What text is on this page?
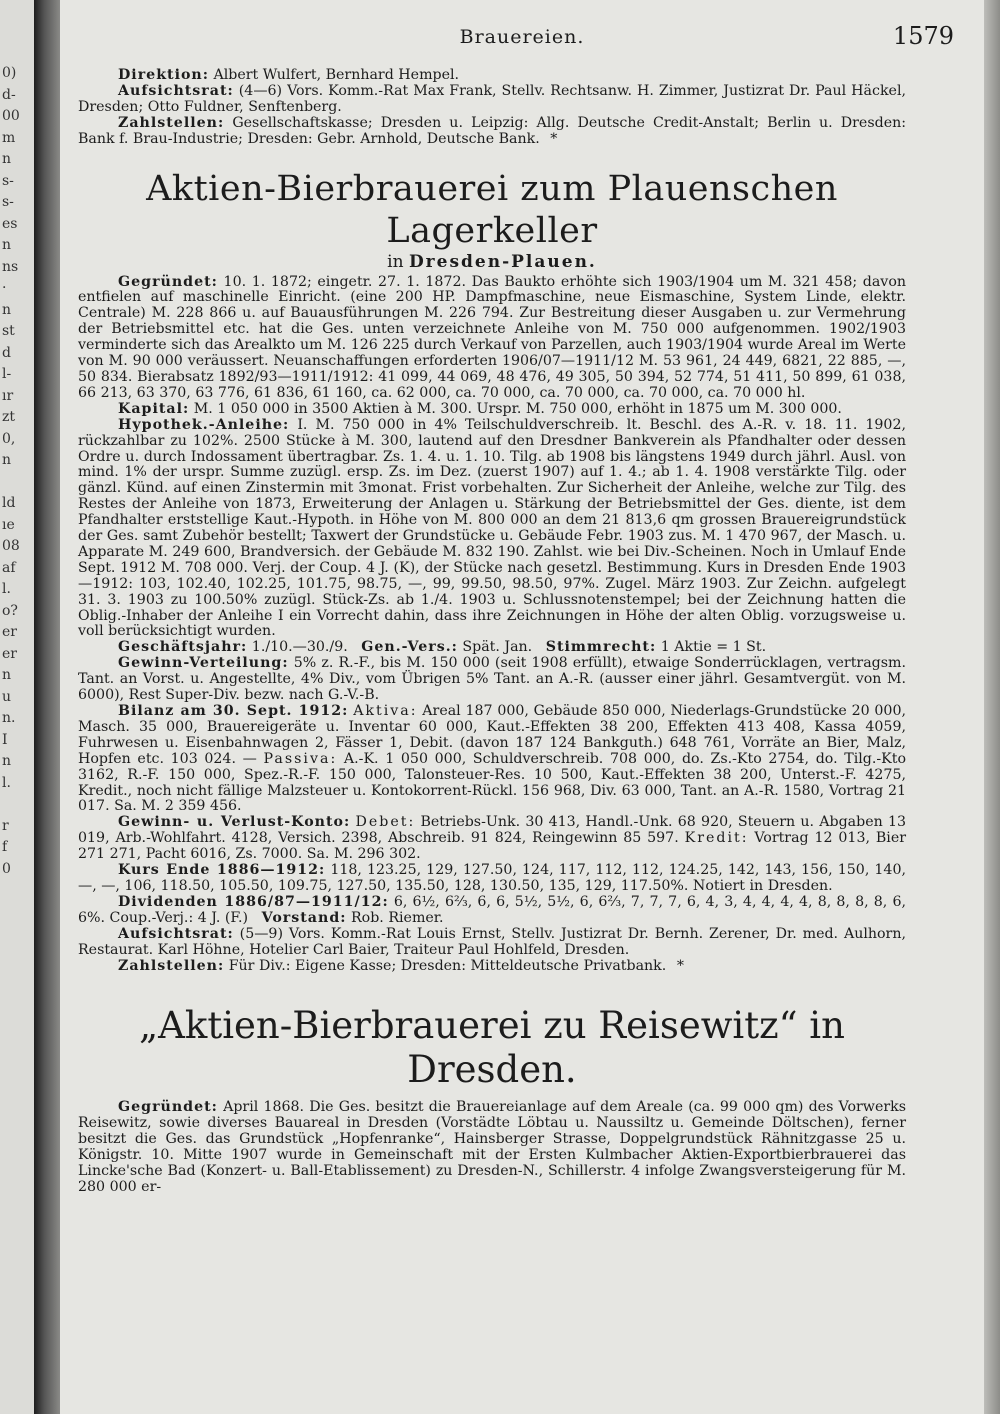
0)
d-
00
m
n
s-
s-
es
n
ns
·
n
st
d
l-
ır
zt
0,
n
ld
ıe
08
af
l.
o?
er
er
n
u
n.
I
n
l.
r
f
0
Brauereien.	1579

Direktion: Albert Wulfert, Bernhard Hempel.

Aufsichtsrat: (4—6) Vors. Komm.-Rat Max Frank, Stellv. Rechtsanw. H. Zimmer, Justizrat Dr. Paul Häckel, Dresden; Otto Fuldner, Senftenberg.

Zahlstellen: Gesellschaftskasse; Dresden u. Leipzig: Allg. Deutsche Credit-Anstalt; Berlin u. Dresden: Bank f. Brau-Industrie; Dresden: Gebr. Arnhold, Deutsche Bank. *

Aktien-Bierbrauerei zum Plauenschen Lagerkeller
in Dresden-Plauen.

Gegründet: 10. 1. 1872; eingetr. 27. 1. 1872. Das Baukto erhöhte sich 1903/1904 um M. 321 458; davon entfielen auf maschinelle Einricht. (eine 200 HP. Dampfmaschine, neue Eismaschine, System Linde, elektr. Centrale) M. 228 866 u. auf Bauausführungen M. 226 794. Zur Bestreitung dieser Ausgaben u. zur Vermehrung der Betriebsmittel etc. hat die Ges. unten verzeichnete Anleihe von M. 750 000 aufgenommen. 1902/1903 verminderte sich das Arealkto um M. 126 225 durch Verkauf von Parzellen, auch 1903/1904 wurde Areal im Werte von M. 90 000 veräussert. Neuanschaffungen erforderten 1906/07—1911/12 M. 53 961, 24 449, 6821, 22 885, —, 50 834. Bierabsatz 1892/93—1911/1912: 41 099, 44 069, 48 476, 49 305, 50 394, 52 774, 51 411, 50 899, 61 038, 66 213, 63 370, 63 776, 61 836, 61 160, ca. 62 000, ca. 70 000, ca. 70 000, ca. 70 000, ca. 70 000 hl.

Kapital: M. 1 050 000 in 3500 Aktien à M. 300. Urspr. M. 750 000, erhöht in 1875 um M. 300 000.

Hypothek.-Anleihe: I. M. 750 000 in 4% Teilschuldverschreib. lt. Beschl. des A.-R. v. 18. 11. 1902, rückzahlbar zu 102%. 2500 Stücke à M. 300, lautend auf den Dresdner Bankverein als Pfandhalter oder dessen Ordre u. durch Indossament übertragbar. Zs. 1. 4. u. 1. 10. Tilg. ab 1908 bis längstens 1949 durch jährl. Ausl. von mind. 1% der urspr. Summe zuzügl. ersp. Zs. im Dez. (zuerst 1907) auf 1. 4.; ab 1. 4. 1908 verstärkte Tilg. oder gänzl. Künd. auf einen Zinstermin mit 3monat. Frist vorbehalten. Zur Sicherheit der Anleihe, welche zur Tilg. des Restes der Anleihe von 1873, Erweiterung der Anlagen u. Stärkung der Betriebsmittel der Ges. diente, ist dem Pfandhalter erststellige Kaut.-Hypoth. in Höhe von M. 800 000 an dem 21 813,6 qm grossen Brauereigrundstück der Ges. samt Zubehör bestellt; Taxwert der Grundstücke u. Gebäude Febr. 1903 zus. M. 1 470 967, der Masch. u. Apparate M. 249 600, Brandversich. der Gebäude M. 832 190. Zahlst. wie bei Div.-Scheinen. Noch in Umlauf Ende Sept. 1912 M. 708 000. Verj. der Coup. 4 J. (K), der Stücke nach gesetzl. Bestimmung. Kurs in Dresden Ende 1903—1912: 103, 102.40, 102.25, 101.75, 98.75, —, 99, 99.50, 98.50, 97%. Zugel. März 1903. Zur Zeichn. aufgelegt 31. 3. 1903 zu 100.50% zuzügl. Stück-Zs. ab 1./4. 1903 u. Schlussnotenstempel; bei der Zeichnung hatten die Oblig.-Inhaber der Anleihe I ein Vorrecht dahin, dass ihre Zeichnungen in Höhe der alten Oblig. vorzugsweise u. voll berücksichtigt wurden.

Geschäftsjahr: 1./10.—30./9. Gen.-Vers.: Spät. Jan. Stimmrecht: 1 Aktie = 1 St.

Gewinn-Verteilung: 5% z. R.-F., bis M. 150 000 (seit 1908 erfüllt), etwaige Sonderrücklagen, vertragsm. Tant. an Vorst. u. Angestellte, 4% Div., vom Übrigen 5% Tant. an A.-R. (ausser einer jährl. Gesamtvergüt. von M. 6000), Rest Super-Div. bezw. nach G.-V.-B.

Bilanz am 30. Sept. 1912: Aktiva: Areal 187 000, Gebäude 850 000, Niederlags-Grundstücke 20 000, Masch. 35 000, Brauereigeräte u. Inventar 60 000, Kaut.-Effekten 38 200, Effekten 413 408, Kassa 4059, Fuhrwesen u. Eisenbahnwagen 2, Fässer 1, Debit. (davon 187 124 Bankguth.) 648 761, Vorräte an Bier, Malz, Hopfen etc. 103 024. — Passiva: A.-K. 1 050 000, Schuldverschreib. 708 000, do. Zs.-Kto 2754, do. Tilg.-Kto 3162, R.-F. 150 000, Spez.-R.-F. 150 000, Talonsteuer-Res. 10 500, Kaut.-Effekten 38 200, Unterst.-F. 4275, Kredit., noch nicht fällige Malzsteuer u. Kontokorrent-Rückl. 156 968, Div. 63 000, Tant. an A.-R. 1580, Vortrag 21 017. Sa. M. 2 359 456.

Gewinn- u. Verlust-Konto: Debet: Betriebs-Unk. 30 413, Handl.-Unk. 68 920, Steuern u. Abgaben 13 019, Arb.-Wohlfahrt. 4128, Versich. 2398, Abschreib. 91 824, Reingewinn 85 597. Kredit: Vortrag 12 013, Bier 271 271, Pacht 6016, Zs. 7000. Sa. M. 296 302.

Kurs Ende 1886—1912: 118, 123.25, 129, 127.50, 124, 117, 112, 112, 124.25, 142, 143, 156, 150, 140, —, —, 106, 118.50, 105.50, 109.75, 127.50, 135.50, 128, 130.50, 135, 129, 117.50%. Notiert in Dresden.

Dividenden 1886/87—1911/12: 6, 6½, 6⅔, 6, 6, 5½, 5½, 6, 6⅔, 7, 7, 7, 6, 4, 3, 4, 4, 4, 4, 8, 8, 8, 8, 6, 6%. Coup.-Verj.: 4 J. (F.) Vorstand: Rob. Riemer.

Aufsichtsrat: (5—9) Vors. Komm.-Rat Louis Ernst, Stellv. Justizrat Dr. Bernh. Zerener, Dr. med. Aulhorn, Restaurat. Karl Höhne, Hotelier Carl Baier, Traiteur Paul Hohlfeld, Dresden.

Zahlstellen: Für Div.: Eigene Kasse; Dresden: Mitteldeutsche Privatbank. *

„Aktien-Bierbrauerei zu Reisewitz“ in Dresden.

Gegründet: April 1868. Die Ges. besitzt die Brauereianlage auf dem Areale (ca. 99 000 qm) des Vorwerks Reisewitz, sowie diverses Bauareal in Dresden (Vorstädte Löbtau u. Naussiltz u. Gemeinde Döltschen), ferner besitzt die Ges. das Grundstück „Hopfenranke“, Hainsberger Strasse, Doppelgrundstück Rähnitzgasse 25 u. Königstr. 10. Mitte 1907 wurde in Gemeinschaft mit der Ersten Kulmbacher Aktien-Exportbierbrauerei das Lincke'sche Bad (Konzert- u. Ball-Etablissement) zu Dresden-N., Schillerstr. 4 infolge Zwangsversteigerung für M. 280 000 er-
